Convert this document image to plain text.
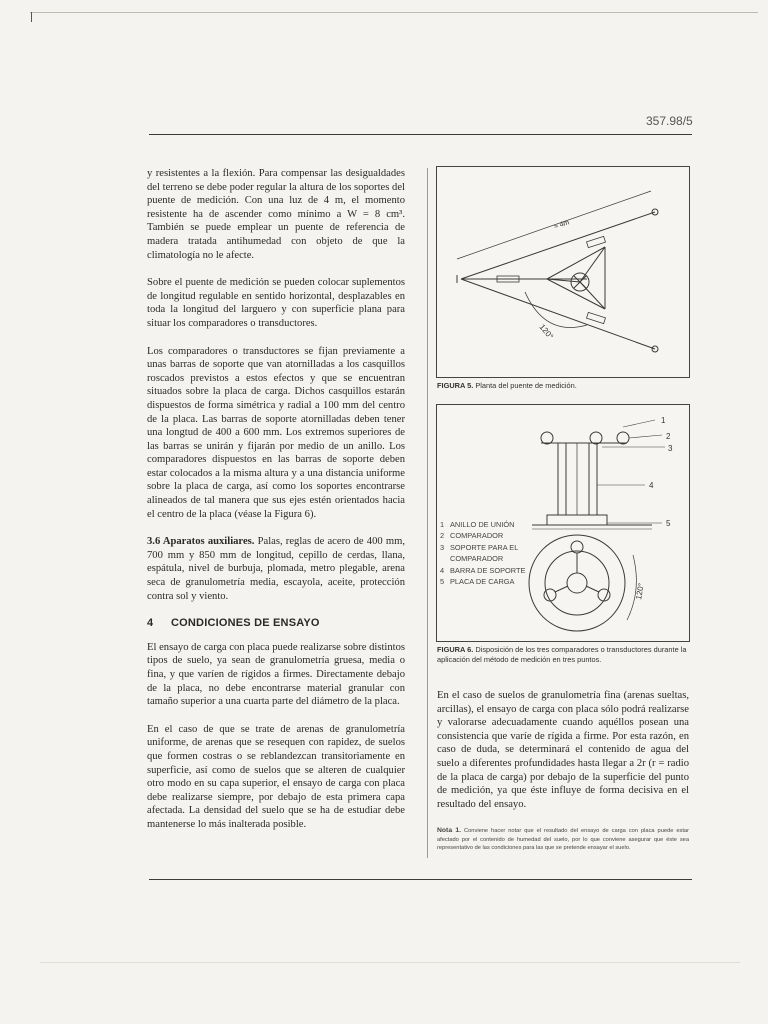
357.98/5

y resistentes a la flexión. Para compensar las desigualdades del terreno se debe poder regular la altura de los soportes del puente de medición. Con una luz de 4 m, el momento resistente ha de ascender como mínimo a W = 8 cm³. También se puede emplear un puente de referencia de madera tratada antihumedad con objeto de que la climatología no le afecte.

Sobre el puente de medición se pueden colocar suplementos de longitud regulable en sentido horizontal, desplazables en toda la longitud del larguero y con superficie plana para situar los comparadores o transductores.

Los comparadores o transductores se fijan previamente a unas barras de soporte que van atornilladas a los casquillos roscados previstos a estos efectos y que se encuentran situados sobre la placa de carga. Dichos casquillos estarán dispuestos de forma simétrica y radial a 100 mm del centro de la placa. Las barras de soporte atornilladas deben tener una longtud de 400 a 600 mm. Los extremos superiores de las barras se unirán y fijarán por medio de un anillo. Los comparadores dispuestos en las barras de soporte deben estar colocados a la misma altura y a una distancia uniforme sobre la placa de carga, así como los soportes encontrarse alineados de tal manera que sus ejes estén orientados hacia el centro de la placa (véase la Figura 6).

3.6 Aparatos auxiliares. Palas, reglas de acero de 400 mm, 700 mm y 850 mm de longitud, cepillo de cerdas, llana, espátula, nivel de burbuja, plomada, metro plegable, arena seca de granulometría media, escayola, aceite, protección contra sol y viento.

4 CONDICIONES DE ENSAYO

El ensayo de carga con placa puede realizarse sobre distintos tipos de suelo, ya sean de granulometría gruesa, media o fina, y que varíen de rígidos a firmes. Directamente debajo de la placa, no debe encontrarse material granular con tamaño superior a una cuarta parte del diámetro de la placa.

En el caso de que se trate de arenas de granulometría uniforme, de arenas que se resequen con rapidez, de suelos que formen costras o se reblandezcan transitoriamente en superficie, así como de suelos que se alteren de cualquier otro modo en su capa superior, el ensayo de carga con placa debe realizarse siempre, por debajo de esta primera capa afectada. La densidad del suelo que se ha de estudiar debe mantenerse lo más inalterada posible.

≈ 4m
120°
FIGURA 5. Planta del puente de medición.
1
2
3
4
5
120°
1 ANILLO DE UNIÓN
2 COMPARADOR
3 SOPORTE PARA EL
COMPARADOR
4 BARRA DE SOPORTE
5 PLACA DE CARGA
FIGURA 6. Disposición de los tres comparadores o transductores durante la aplicación del método de medición en tres puntos.

En el caso de suelos de granulometría fina (arenas sueltas, arcillas), el ensayo de carga con placa sólo podrá realizarse y valorarse adecuadamente cuando aquéllos posean una consistencia que varíe de rígida a firme. Por esta razón, en caso de duda, se determinará el contenido de agua del suelo a diferentes profundidades hasta llegar a 2r (r = radio de la placa de carga) por debajo de la superficie del punto de medición, ya que éste influye de forma decisiva en el resultado del ensayo.

Nota 1. Conviene hacer notar que el resultado del ensayo de carga con placa puede estar afectado por el contenido de humedad del suelo, por lo que conviene asegurar que éste sea representativo de las condiciones para las que se pretende ensayar el suelo.
